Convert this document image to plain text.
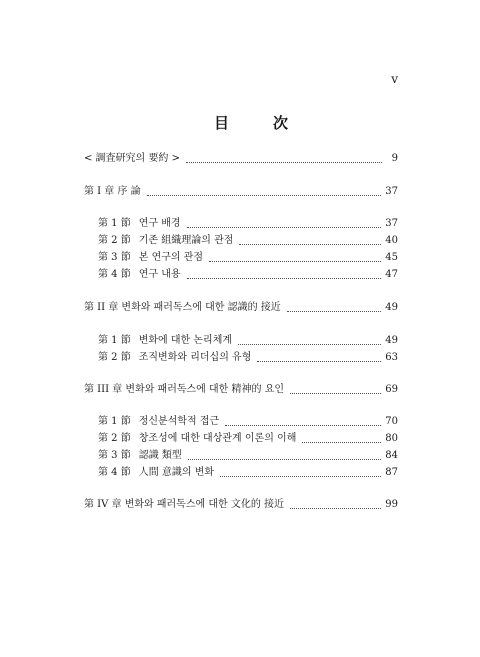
v
目 次
< 調査研究의 要約 >	9
第 I 章 序 論	37
第 1 節 연구 배경	37
第 2 節 기존 組織理論의 관점	40
第 3 節 본 연구의 관점	45
第 4 節 연구 내용	47
第 II 章 변화와 패러독스에 대한 認識的 接近	49
第 1 節 변화에 대한 논리체계	49
第 2 節 조직변화와 리더십의 유형	63
第 III 章 변화와 패러독스에 대한 精神的 요인	69
第 1 節 정신분석학적 접근	70
第 2 節 창조성에 대한 대상관계 이론의 이해	80
第 3 節 認識 類型	84
第 4 節 人間 意識의 변화	87
第 IV 章 변화와 패러독스에 대한 文化的 接近	99
